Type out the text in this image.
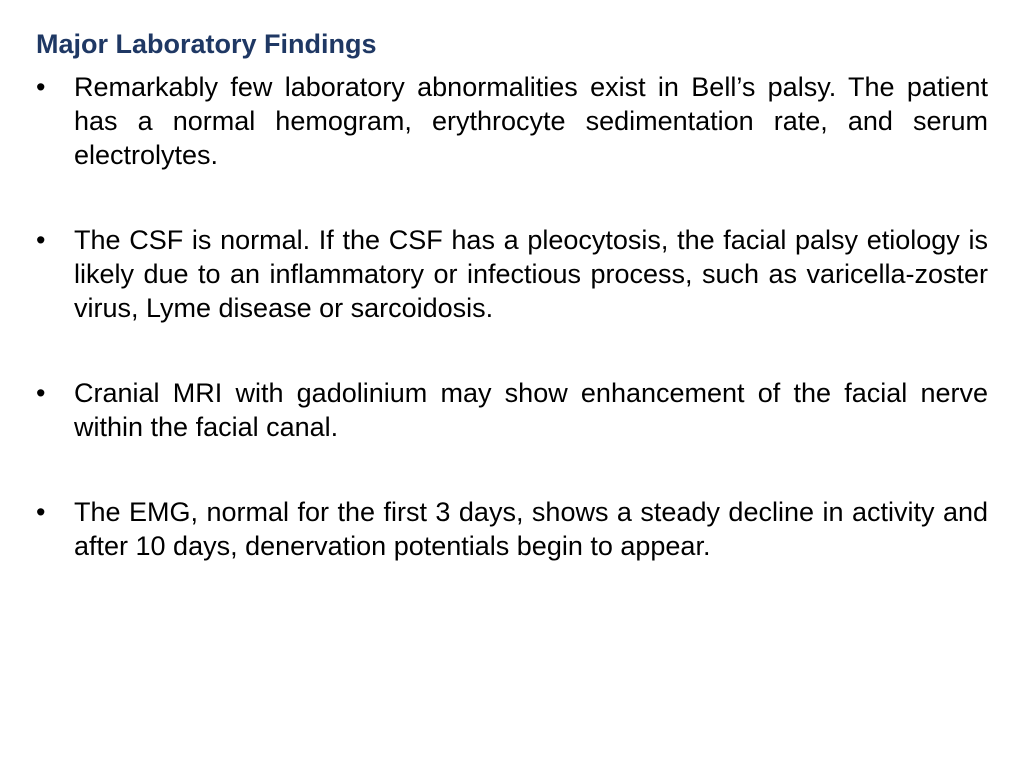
Major Laboratory Findings
•	Remarkably few laboratory abnormalities exist in Bell’s palsy. The patient has a normal hemogram, erythrocyte sedimentation rate, and serum electrolytes.
•	The CSF is normal. If the CSF has a pleocytosis, the facial palsy etiology is likely due to an inflammatory or infectious process, such as varicella-zoster virus, Lyme disease or sarcoidosis.
•	Cranial MRI with gadolinium may show enhancement of the facial nerve within the facial canal.
•	The EMG, normal for the first 3 days, shows a steady decline in activity and after 10 days, denervation potentials begin to appear.
